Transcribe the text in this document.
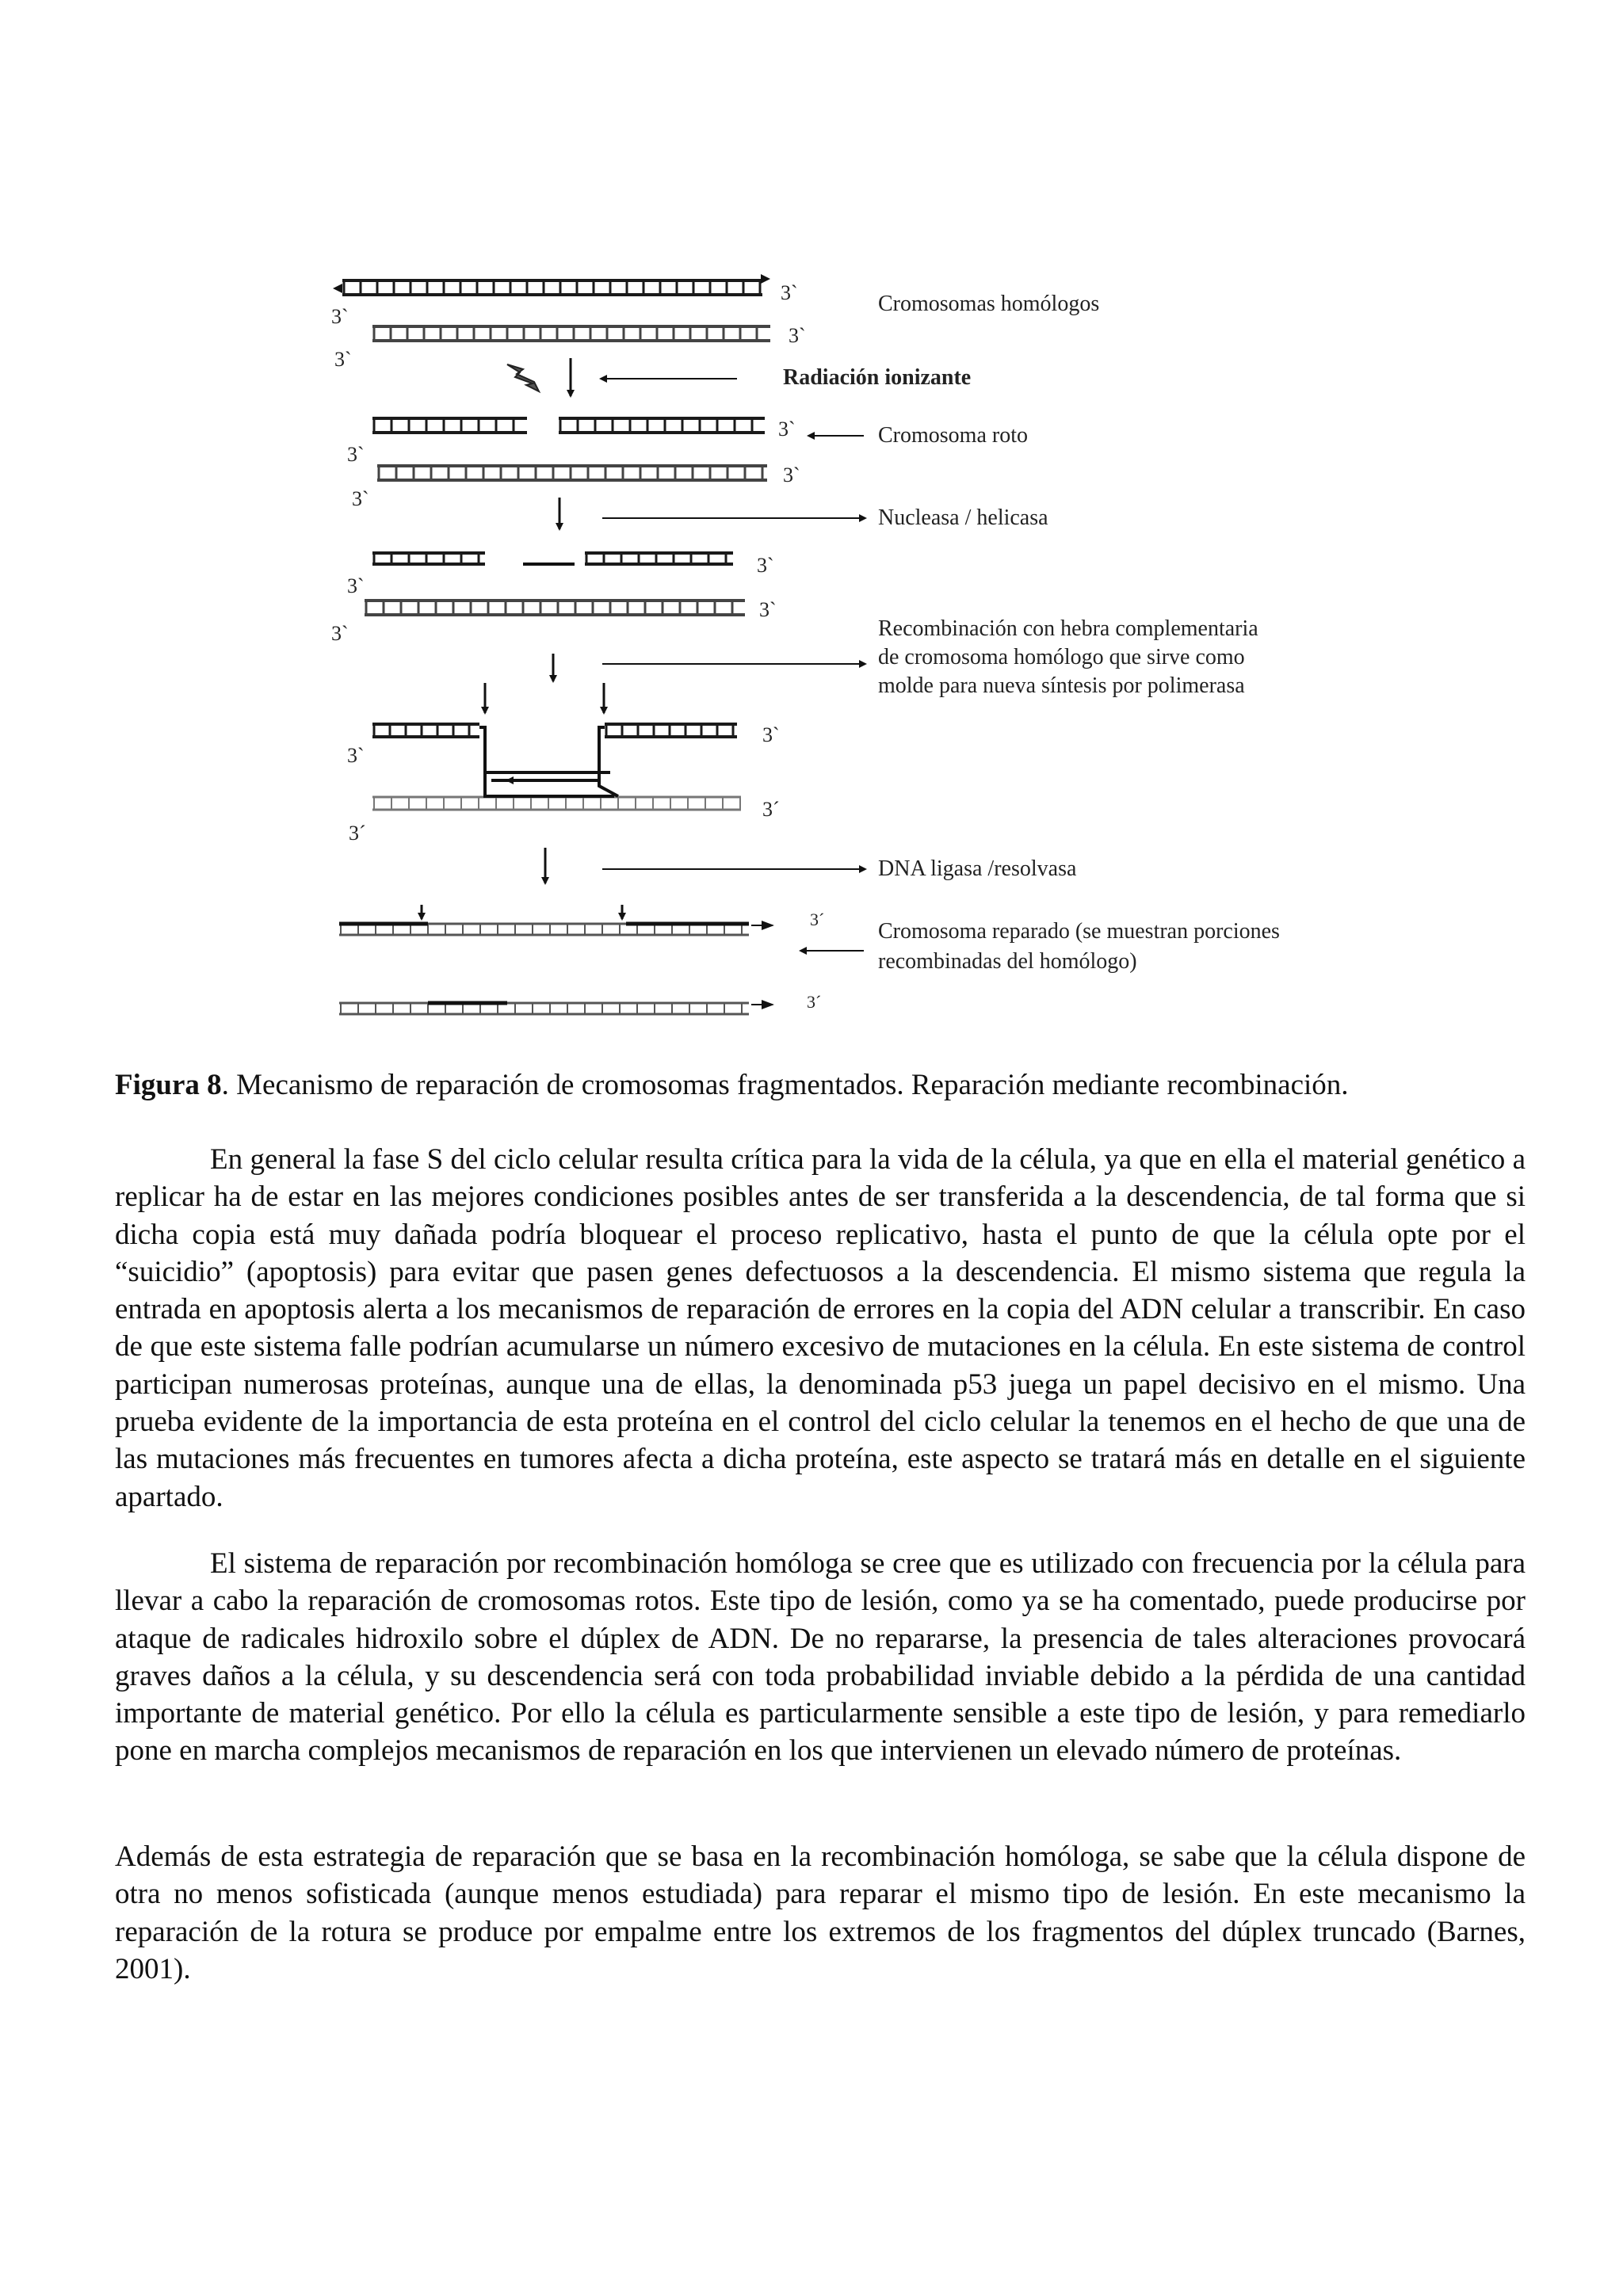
3`
3`
3`
3`
Radiación ionizante
Cromosomas homólogos
3`
3`
3`
3`
Cromosoma roto
Nucleasa / helicasa
3`
3`
3`
3`	Recombinación con hebra complementaria
de cromosoma homólogo que sirve como
molde para nueva síntesis por polimerasa
3`
3`
3´
3´
DNA ligasa /resolvasa
3´
3´
Cromosoma reparado (se muestran porciones
recombinadas del homólogo)
Figura 8. Mecanismo de reparación de cromosomas fragmentados. Reparación mediante recombinación.

En general la fase S del ciclo celular resulta crítica para la vida de la célula, ya que en ella el material genético a replicar ha de estar en las mejores condiciones posibles antes de ser transferida a la descendencia, de tal forma que si dicha copia está muy dañada podría bloquear el proceso replicativo, hasta el punto de que la célula opte por el “suicidio” (apoptosis) para evitar que pasen genes defectuosos a la descendencia. El mismo sistema que regula la entrada en apoptosis alerta a los mecanismos de reparación de errores en la copia del ADN celular a transcribir. En caso de que este sistema falle podrían acumularse un número excesivo de mutaciones en la célula. En este sistema de control participan numerosas proteínas, aunque una de ellas, la denominada p53 juega un papel decisivo en el mismo. Una prueba evidente de la importancia de esta proteína en el control del ciclo celular la tenemos en el hecho de que una de las mutaciones más frecuentes en tumores afecta a dicha proteína, este aspecto se tratará más en detalle en el siguiente apartado.

El sistema de reparación por recombinación homóloga se cree que es utilizado con frecuencia por la célula para llevar a cabo la reparación de cromosomas rotos. Este tipo de lesión, como ya se ha comentado, puede producirse por ataque de radicales hidroxilo sobre el dúplex de ADN. De no repararse, la presencia de tales alteraciones provocará graves daños a la célula, y su descendencia será con toda probabilidad inviable debido a la pérdida de una cantidad importante de material genético. Por ello la célula es particularmente sensible a este tipo de lesión, y para remediarlo pone en marcha complejos mecanismos de reparación en los que intervienen un elevado número de proteínas.

Además de esta estrategia de reparación que se basa en la recombinación homóloga, se sabe que la célula dispone de otra no menos sofisticada (aunque menos estudiada) para reparar el mismo tipo de lesión. En este mecanismo la reparación de la rotura se produce por empalme entre los extremos de los fragmentos del dúplex truncado (Barnes, 2001).
